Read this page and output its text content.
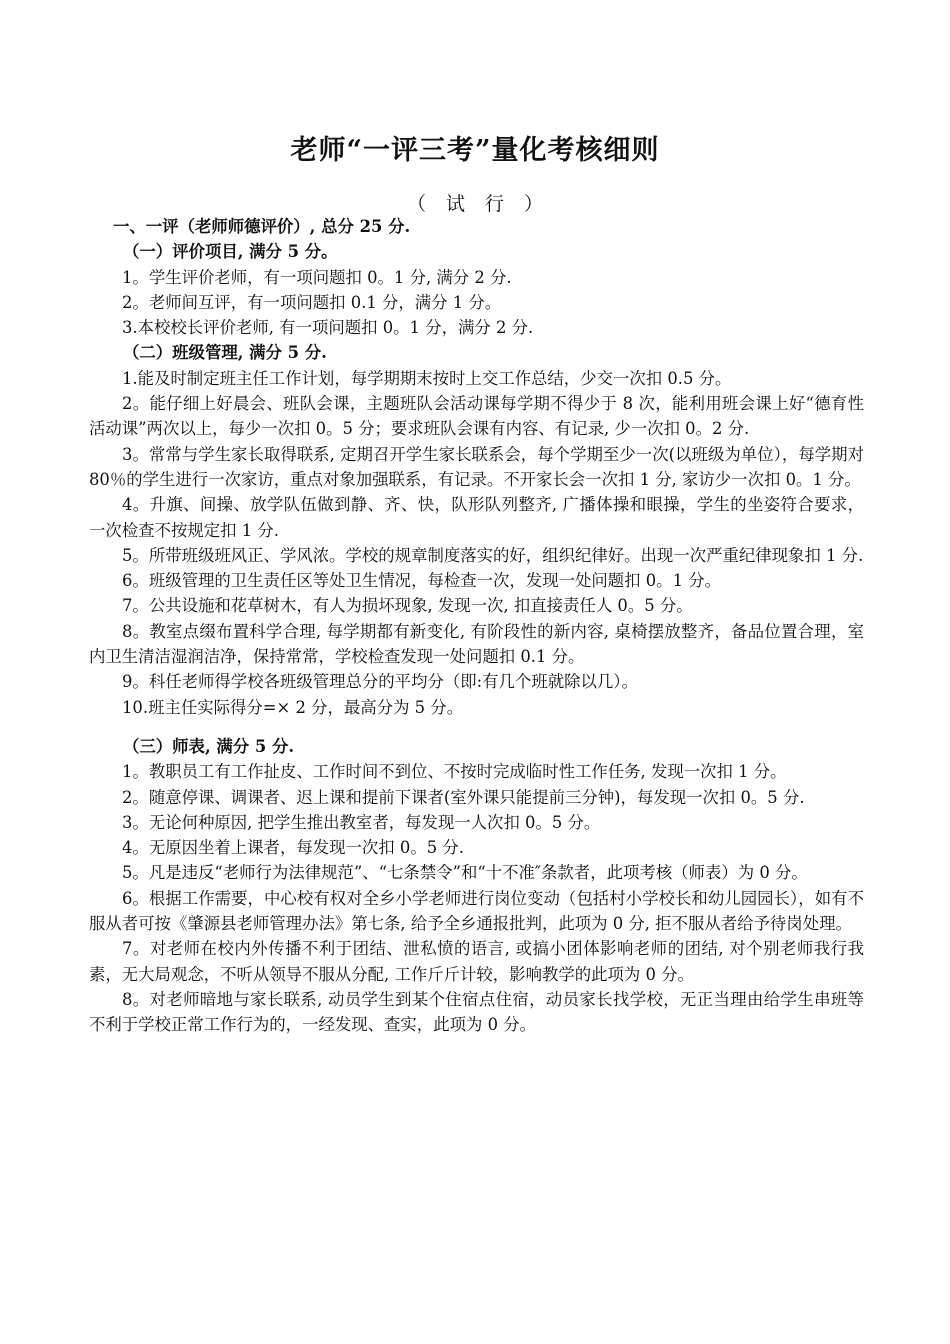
老师“一评三考”量化考核细则
（ 试 行 ）

一、一评（老师师德评价）, 总分 25 分.

（一）评价项目, 满分 5 分。

1。学生评价老师，有一项问题扣 0。1 分, 满分 2 分.

2。老师间互评，有一项问题扣 0.1 分，满分 1 分。

3.本校校长评价老师, 有一项问题扣 0。1 分，满分 2 分.

（二）班级管理, 满分 5 分.

1.能及时制定班主任工作计划，每学期期末按时上交工作总结，少交一次扣 0.5 分。

2。能仔细上好晨会、班队会课，主题班队会活动课每学期不得少于 8 次，能利用班会课上好“德育性活动课”两次以上，每少一次扣 0。5 分；要求班队会课有内容、有记录, 少一次扣 0。2 分.

3。常常与学生家长取得联系, 定期召开学生家长联系会，每个学期至少一次(以班级为单位），每学期对 80％的学生进行一次家访，重点对象加强联系，有记录。不开家长会一次扣 1 分, 家访少一次扣 0。1 分。

4。升旗、间操、放学队伍做到静、齐、快，队形队列整齐, 广播体操和眼操，学生的坐姿符合要求，一次检查不按规定扣 1 分.

5。所带班级班风正、学风浓。学校的规章制度落实的好，组织纪律好。出现一次严重纪律现象扣 1 分.

6。班级管理的卫生责任区等处卫生情况，每检查一次，发现一处问题扣 0。1 分。

7。公共设施和花草树木，有人为损坏现象, 发现一次, 扣直接责任人 0。5 分。

8。教室点缀布置科学合理, 每学期都有新变化, 有阶段性的新内容, 桌椅摆放整齐，备品位置合理，室内卫生清洁湿润洁净，保持常常，学校检查发现一处问题扣 0.1 分。

9。科任老师得学校各班级管理总分的平均分（即:有几个班就除以几）。

10.班主任实际得分=× 2 分，最高分为 5 分。

（三）师表, 满分 5 分.

1。教职员工有工作扯皮、工作时间不到位、不按时完成临时性工作任务, 发现一次扣 1 分。

2。随意停课、调课者、迟上课和提前下课者(室外课只能提前三分钟)，每发现一次扣 0。5 分.

3。无论何种原因, 把学生推出教室者，每发现一人次扣 0。5 分。

4。无原因坐着上课者，每发现一次扣 0。5 分.

5。凡是违反“老师行为法律规范”、“七条禁令”和“十不准″条款者，此项考核（师表）为 0 分。

6。根据工作需要，中心校有权对全乡小学老师进行岗位变动（包括村小学校长和幼儿园园长），如有不服从者可按《肇源县老师管理办法》第七条, 给予全乡通报批判，此项为 0 分, 拒不服从者给予待岗处理。

7。对老师在校内外传播不利于团结、泄私愤的语言, 或搞小团体影响老师的团结, 对个别老师我行我素，无大局观念，不听从领导不服从分配, 工作斤斤计较，影响教学的此项为 0 分。

8。对老师暗地与家长联系, 动员学生到某个住宿点住宿，动员家长找学校，无正当理由给学生串班等不利于学校正常工作行为的，一经发现、查实，此项为 0 分。
